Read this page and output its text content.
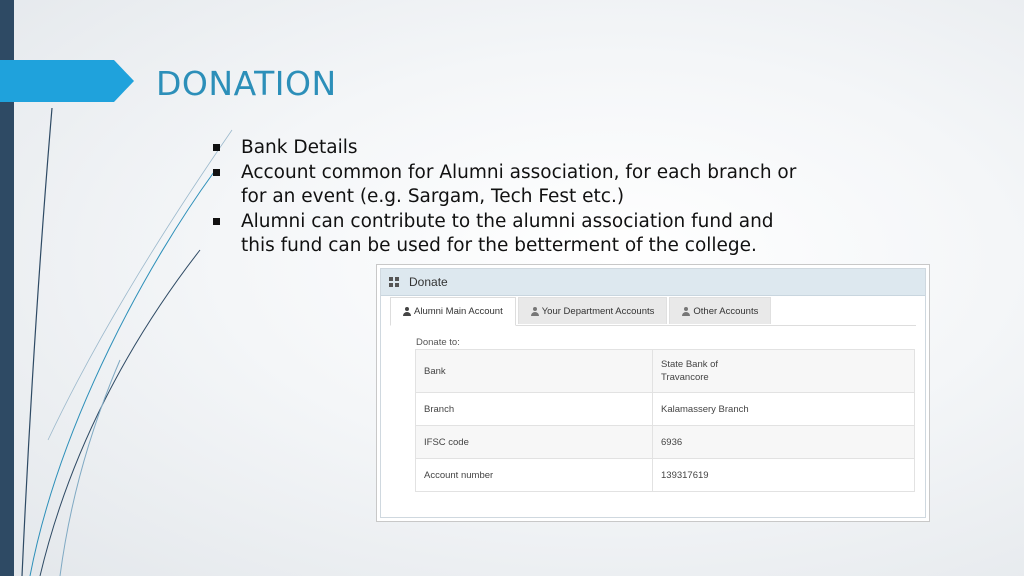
DONATION
Bank Details
Account common for Alumni association, for each branch or for an event (e.g. Sargam, Tech Fest etc.)
Alumni can contribute to the alumni association fund and this fund can be used for the betterment of the college.
Donate
Alumni Main Account	Your Department Accounts	Other Accounts
Donate to:
Bank	State Bank of
Travancore

Branch	Kalamassery Branch
IFSC code	6936
Account number	139317619
